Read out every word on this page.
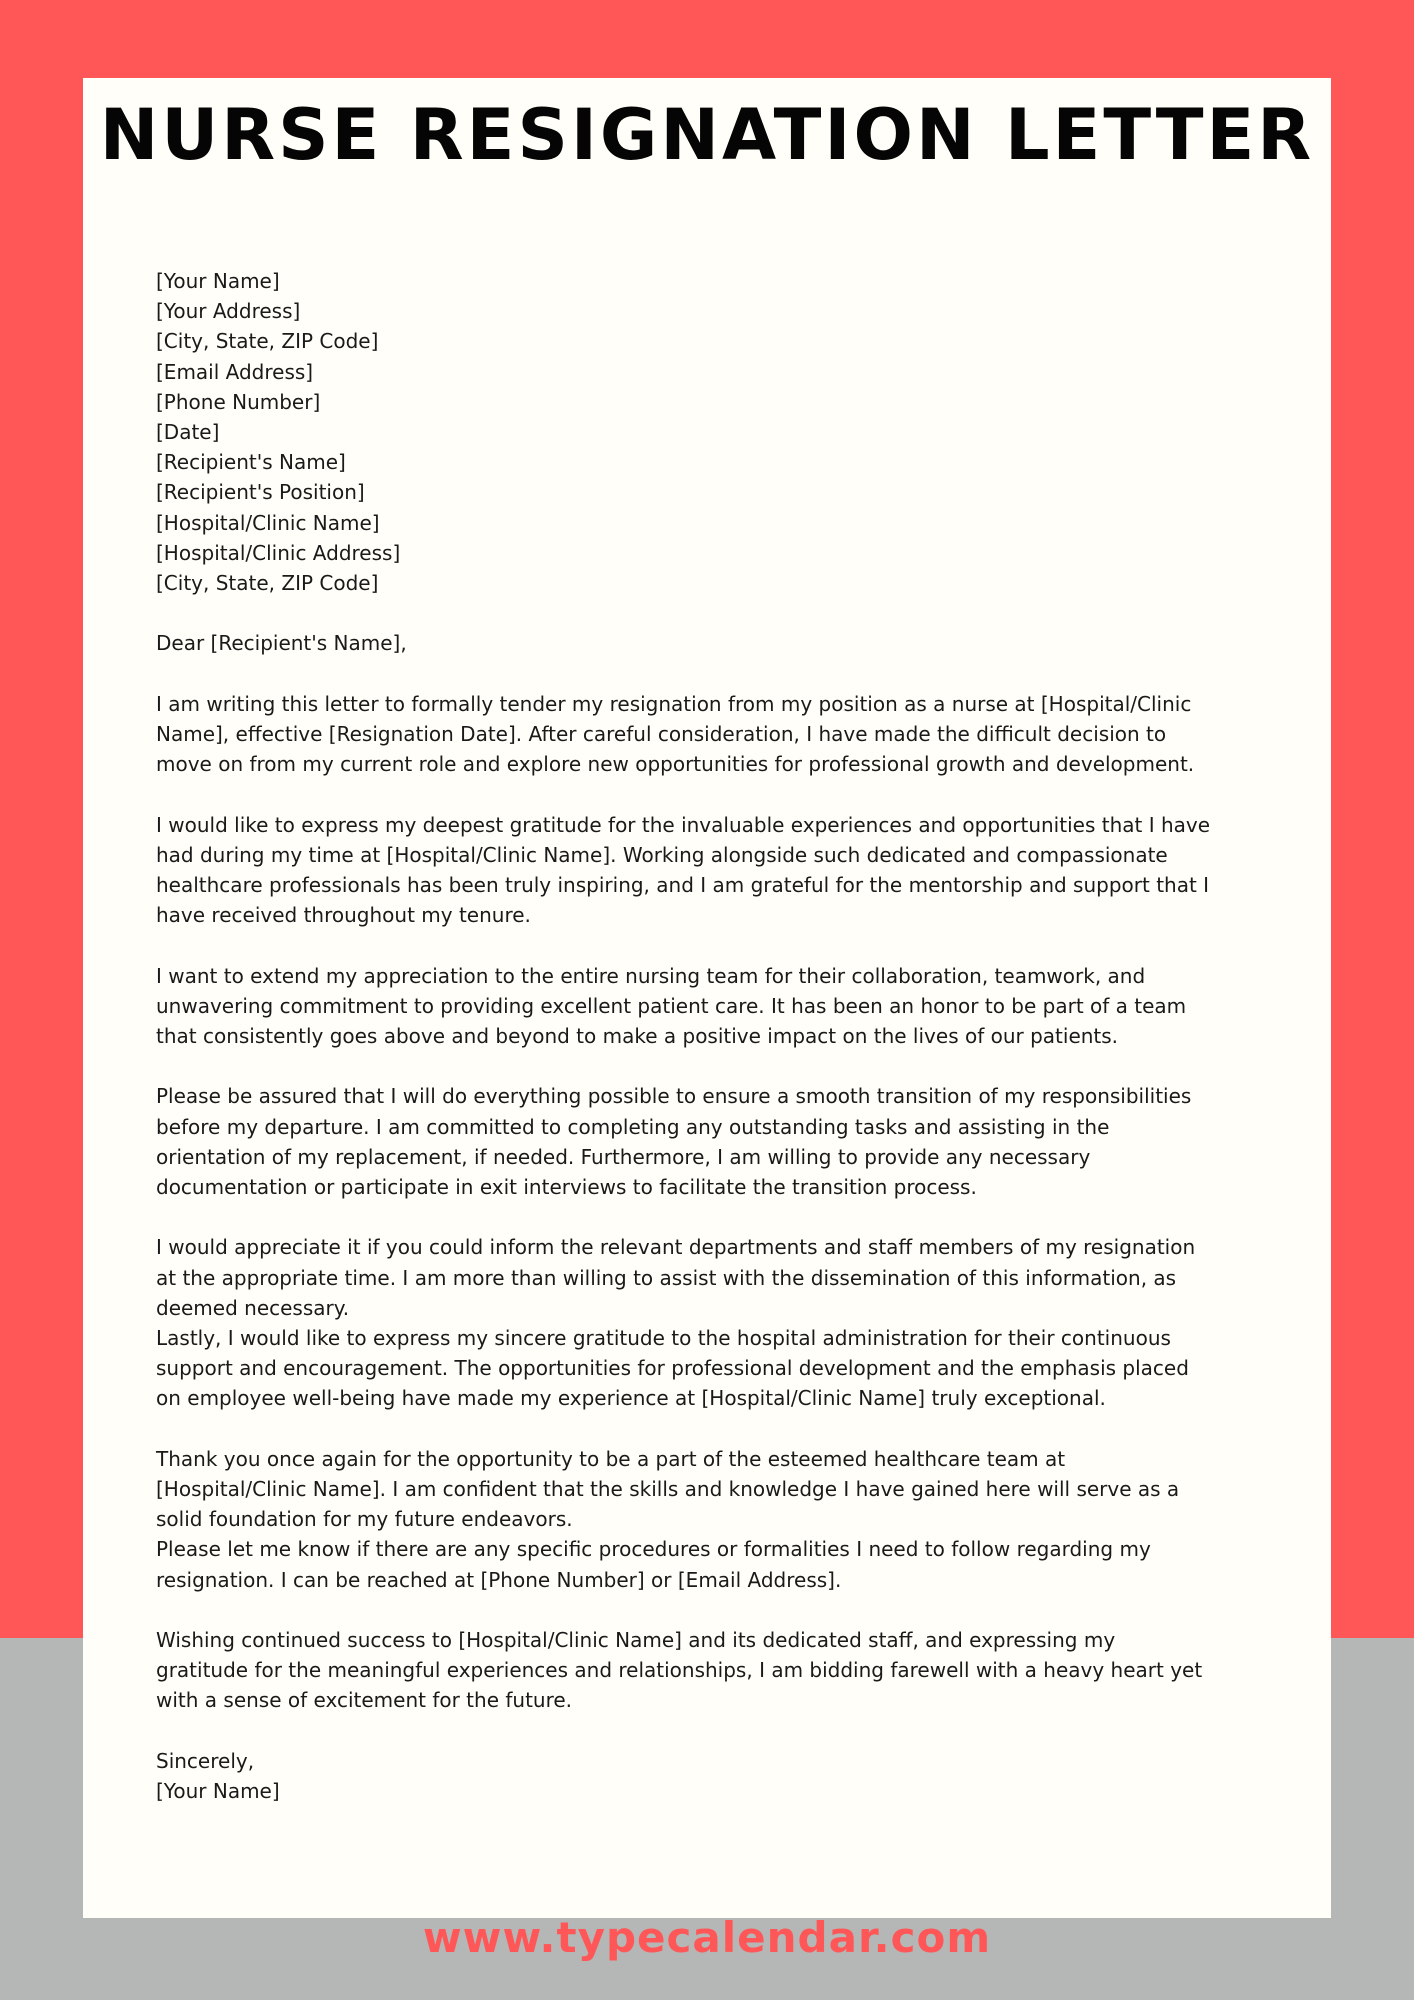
NURSE RESIGNATION LETTER
[Your Name]
[Your Address]
[City, State, ZIP Code]
[Email Address]
[Phone Number]
[Date]
[Recipient's Name]
[Recipient's Position]
[Hospital/Clinic Name]
[Hospital/Clinic Address]
[City, State, ZIP Code]
Dear [Recipient's Name],
I am writing this letter to formally tender my resignation from my position as a nurse at [Hospital/Clinic
Name], effective [Resignation Date]. After careful consideration, I have made the difficult decision to
move on from my current role and explore new opportunities for professional growth and development.
I would like to express my deepest gratitude for the invaluable experiences and opportunities that I have
had during my time at [Hospital/Clinic Name]. Working alongside such dedicated and compassionate
healthcare professionals has been truly inspiring, and I am grateful for the mentorship and support that I
have received throughout my tenure.
I want to extend my appreciation to the entire nursing team for their collaboration, teamwork, and
unwavering commitment to providing excellent patient care. It has been an honor to be part of a team
that consistently goes above and beyond to make a positive impact on the lives of our patients.
Please be assured that I will do everything possible to ensure a smooth transition of my responsibilities
before my departure. I am committed to completing any outstanding tasks and assisting in the
orientation of my replacement, if needed. Furthermore, I am willing to provide any necessary
documentation or participate in exit interviews to facilitate the transition process.
I would appreciate it if you could inform the relevant departments and staff members of my resignation
at the appropriate time. I am more than willing to assist with the dissemination of this information, as
deemed necessary.
Lastly, I would like to express my sincere gratitude to the hospital administration for their continuous
support and encouragement. The opportunities for professional development and the emphasis placed
on employee well-being have made my experience at [Hospital/Clinic Name] truly exceptional.
Thank you once again for the opportunity to be a part of the esteemed healthcare team at
[Hospital/Clinic Name]. I am confident that the skills and knowledge I have gained here will serve as a
solid foundation for my future endeavors.
Please let me know if there are any specific procedures or formalities I need to follow regarding my
resignation. I can be reached at [Phone Number] or [Email Address].
Wishing continued success to [Hospital/Clinic Name] and its dedicated staff, and expressing my
gratitude for the meaningful experiences and relationships, I am bidding farewell with a heavy heart yet
with a sense of excitement for the future.
Sincerely,
[Your Name]
www.typecalendar.com
